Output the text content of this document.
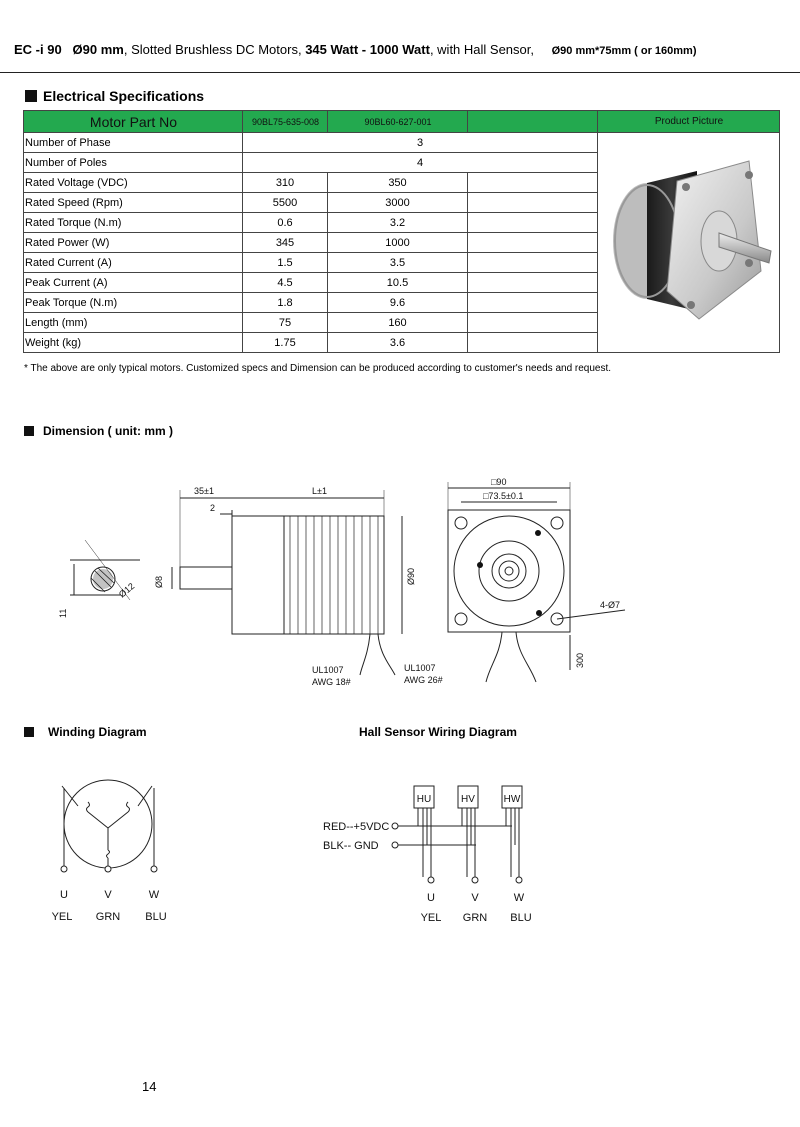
EC -i 90 Ø90 mm, Slotted Brushless DC Motors, 345 Watt - 1000 Watt, with Hall Sensor, Ø90 mm*75mm ( or 160mm)
Electrical Specifications
Motor Part No	90BL75-635-008	90BL60-627-001		Product Picture
Number of Phase	3	
Number of Poles	4			
Rated Voltage (VDC)	310	350		
Rated Speed (Rpm)	5500	3000		
Rated Torque (N.m)	0.6	3.2		
Rated Power (W)	345	1000		
Rated Current (A)	1.5	3.5		
Peak Current (A)	4.5	10.5		
Peak Torque (N.m)	1.8	9.6		
Length (mm)	75	160		
Weight (kg)	1.75	3.6		
* The above are only typical motors. Customized specs and Dimension can be produced according to customer's needs and request.
Dimension ( unit: mm )
35±1
2
L±1
Ø8	Ø90
Ø12
11
UL1007
AWG 18#
UL1007
AWG 26#
□90
□73.5±0.1
4-Ø7
300
Winding Diagram
U	V	W
YEL GRN BLU
Hall Sensor Wiring Diagram
HU	HV	HW
RED--+5VDC
BLK-- GND
U	V	W
YEL GRN BLU
14
